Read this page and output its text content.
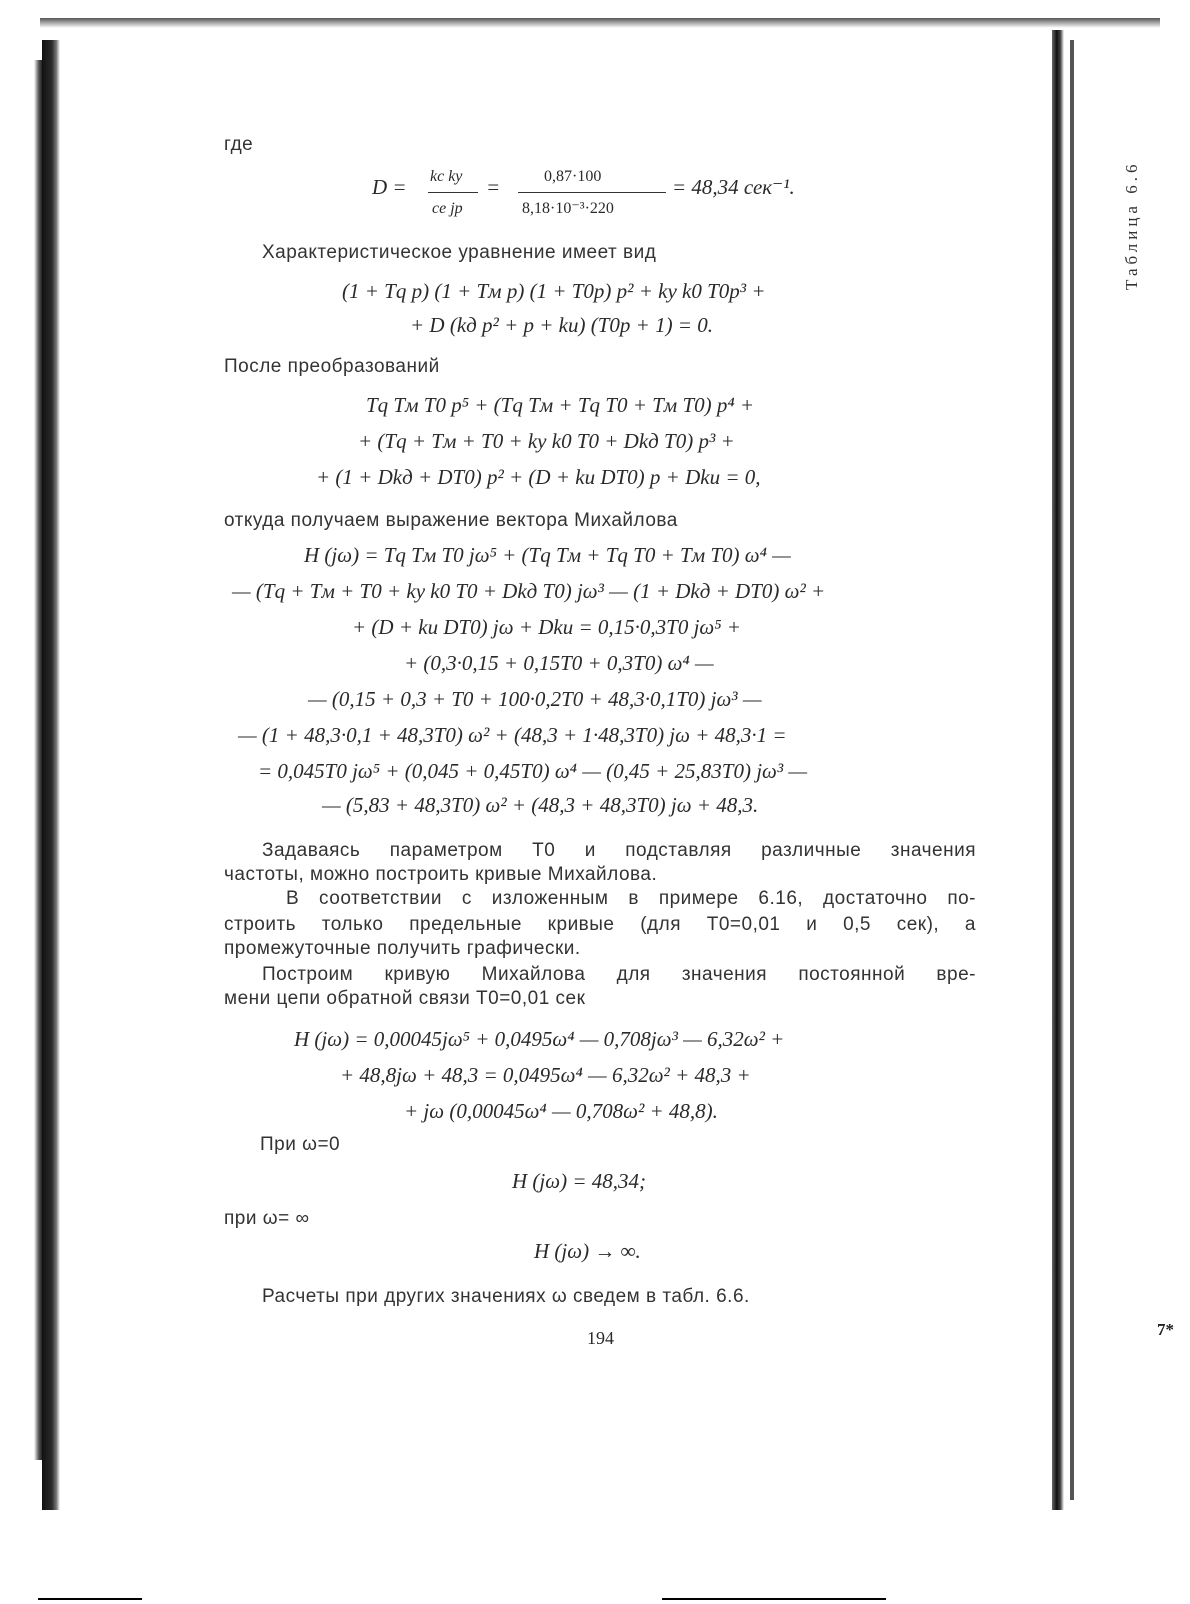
Таблица 6.6
7*
где
D = kc ky
ce jp
=	0,87·100
8,18·10⁻³·220
= 48,34 сек⁻¹.
Характеристическое уравнение имеет вид
(1 + Tq p) (1 + Tм p) (1 + T0p) p² + kу k0 T0p³ +
+ D (kд p² + p + kи) (T0p + 1) = 0.
После преобразований
Tq Tм T0 p⁵ + (Tq Tм + Tq T0 + Tм T0) p⁴ +
+ (Tq + Tм + T0 + kу k0 T0 + Dkд T0) p³ +
+ (1 + Dkд + DT0) p² + (D + kи DT0) p + Dkи = 0,
откуда получаем выражение вектора Михайлова
H (jω) = Tq Tм T0 jω⁵ + (Tq Tм + Tq T0 + Tм T0) ω⁴ —
— (Tq + Tм + T0 + kу k0 T0 + Dkд T0) jω³ — (1 + Dkд + DT0) ω² +
+ (D + kи DT0) jω + Dkи = 0,15·0,3T0 jω⁵ +
+ (0,3·0,15 + 0,15T0 + 0,3T0) ω⁴ —
— (0,15 + 0,3 + T0 + 100·0,2T0 + 48,3·0,1T0) jω³ —
— (1 + 48,3·0,1 + 48,3T0) ω² + (48,3 + 1·48,3T0) jω + 48,3·1 =
= 0,045T0 jω⁵ + (0,045 + 0,45T0) ω⁴ — (0,45 + 25,83T0) jω³ —
— (5,83 + 48,3T0) ω² + (48,3 + 48,3T0) jω + 48,3.
Задаваясь параметром T0 и подставляя различные значения
частоты, можно построить кривые Михайлова.
В соответствии с изложенным в примере 6.16, достаточно по-
строить только предельные кривые (для T0=0,01 и 0,5 сек), а
промежуточные получить графически.
Построим кривую Михайлова для значения постоянной вре-
мени цепи обратной связи T0=0,01 сек
H (jω) = 0,00045jω⁵ + 0,0495ω⁴ — 0,708jω³ — 6,32ω² +
+ 48,8jω + 48,3 = 0,0495ω⁴ — 6,32ω² + 48,3 +
+ jω (0,00045ω⁴ — 0,708ω² + 48,8).
При ω=0
H (jω) = 48,34;
при ω= ∞
H (jω) → ∞.
Расчеты при других значениях ω сведем в табл. 6.6.
194
